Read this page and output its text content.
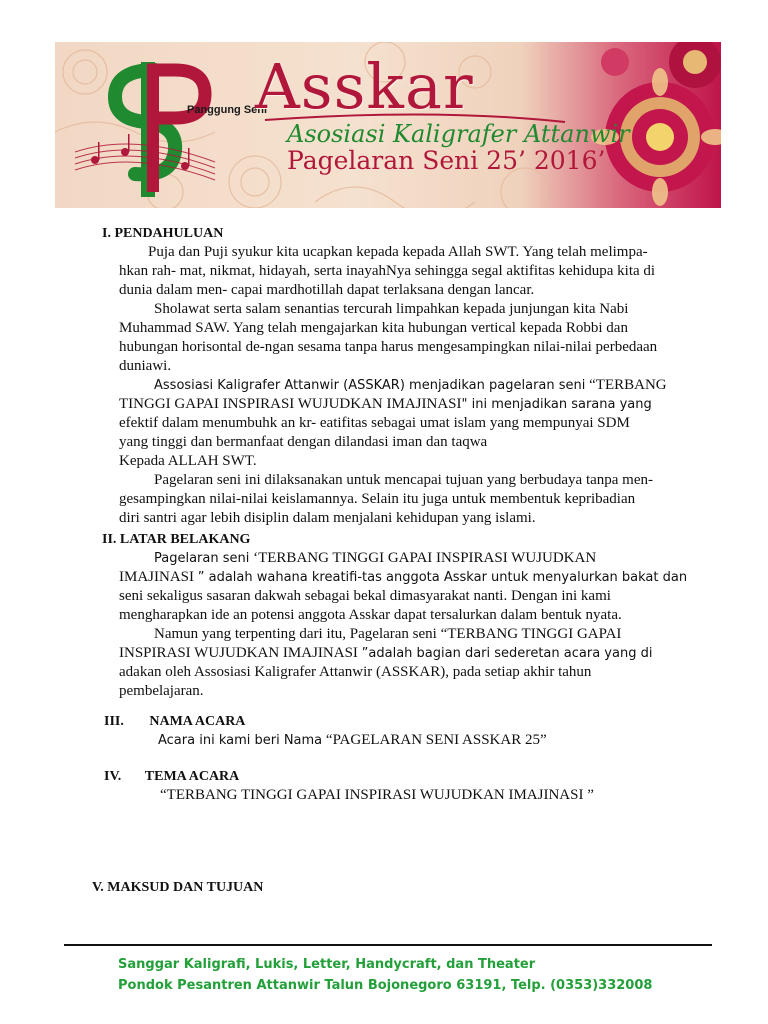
Panggung Seni
Asskar
Asosiasi Kaligrafer Attanwir
Pagelaran Seni 25’ 2016’

I. PENDAHULUAN

Puja dan Puji syukur kita ucapkan kepada kepada Allah SWT. Yang telah melimpa-

hkan rah- mat, nikmat, hidayah, serta inayahNya sehingga segal aktifitas kehidupa kita di

dunia dalam men- capai mardhotillah dapat terlaksana dengan lancar.

Sholawat serta salam senantias tercurah limpahkan kepada junjungan kita Nabi

Muhammad SAW. Yang telah mengajarkan kita hubungan vertical kepada Robbi dan

hubungan horisontal de-ngan sesama tanpa harus mengesampingkan nilai-nilai perbedaan

duniawi.

Assosiasi Kaligrafer Attanwir (ASSKAR) menjadikan pagelaran seni “TERBANG

TINGGI GAPAI INSPIRASI WUJUDKAN IMAJINASI" ini menjadikan sarana yang

efektif dalam menumbuhk an kr- eatifitas sebagai umat islam yang mempunyai SDM

yang tinggi dan bermanfaat dengan dilandasi iman dan taqwa

Kepada ALLAH SWT.

Pagelaran seni ini dilaksanakan untuk mencapai tujuan yang berbudaya tanpa men-

gesampingkan nilai-nilai keislamannya. Selain itu juga untuk membentuk kepribadian

diri santri agar lebih disiplin dalam menjalani kehidupan yang islami.

II. LATAR BELAKANG

Pagelaran seni ‘TERBANG TINGGI GAPAI INSPIRASI WUJUDKAN

IMAJINASI ” adalah wahana kreatifi-tas anggota Asskar untuk menyalurkan bakat dan

seni sekaligus sasaran dakwah sebagai bekal dimasyarakat nanti. Dengan ini kami

mengharapkan ide an potensi anggota Asskar dapat tersalurkan dalam bentuk nyata.

Namun yang terpenting dari itu, Pagelaran seni “TERBANG TINGGI GAPAI

INSPIRASI WUJUDKAN IMAJINASI ”adalah bagian dari sederetan acara yang di

adakan oleh Assosiasi Kaligrafer Attanwir (ASSKAR), pada setiap akhir tahun

pembelajaran.

III. NAMA ACARA

Acara ini kami beri Nama “PAGELARAN SENI ASSKAR 25”

IV. TEMA ACARA

“TERBANG TINGGI GAPAI INSPIRASI WUJUDKAN IMAJINASI ”

V. MAKSUD DAN TUJUAN

Sanggar Kaligrafi, Lukis, Letter, Handycraft, dan Theater
Pondok Pesantren Attanwir Talun Bojonegoro 63191, Telp. (0353)332008
